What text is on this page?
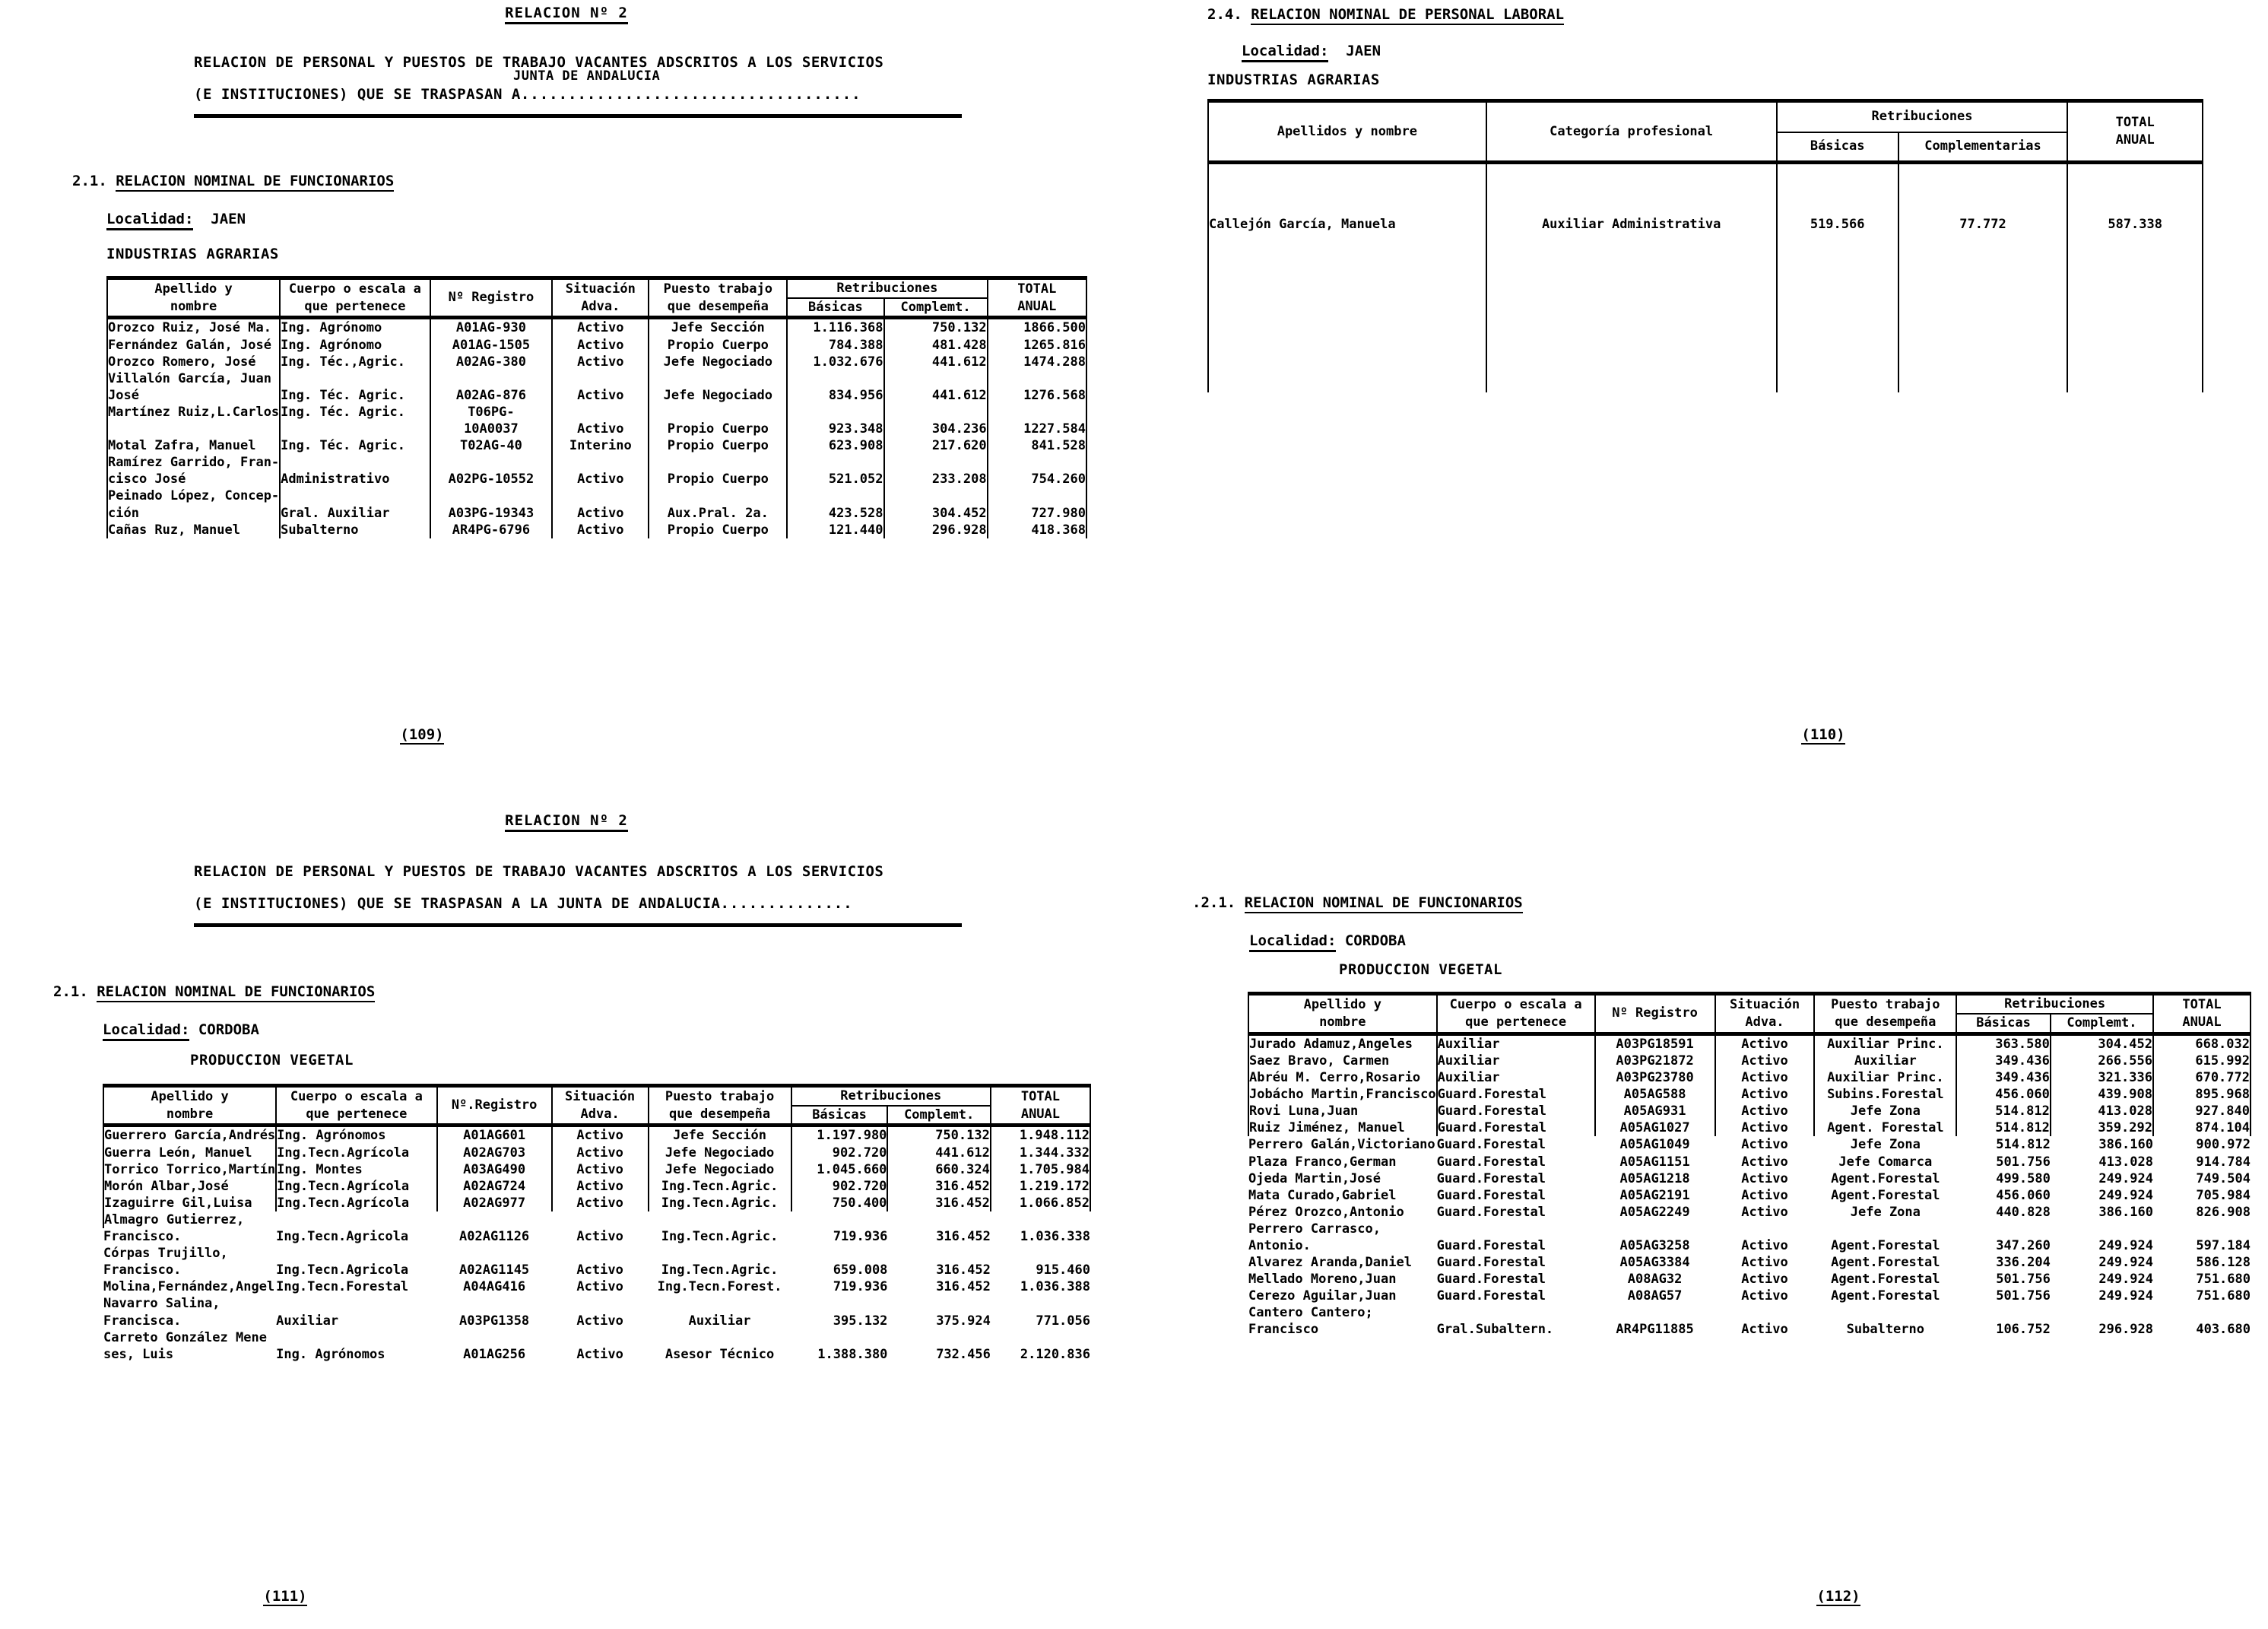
RELACION Nº 2
RELACION DE PERSONAL Y PUESTOS DE TRABAJO VACANTES ADSCRITOS A LOS SERVICIOS
(E INSTITUCIONES) QUE SE TRASPASAN A....................................
JUNTA DE ANDALUCIA
2.1. RELACION NOMINAL DE FUNCIONARIOS
Localidad: JAEN
INDUSTRIAS AGRARIAS
Apellido y
nombre	Cuerpo o escala a
que pertenece	Nº Registro	Situación
Adva.	Puesto trabajo
que desempeña	Retribuciones		TOTAL
ANUAL
					Básicas	Complemt.	

Orozco Ruiz, José Ma.	Ing. Agrónomo	A01AG-930	Activo	Jefe Sección	1.116.368	750.132	1866.500
Fernández Galán, José	Ing. Agrónomo	A01AG-1505	Activo	Propio Cuerpo	784.388	481.428	1265.816
Orozco Romero, José	Ing. Téc.,Agric.	A02AG-380	Activo	Jefe Negociado	1.032.676	441.612	1474.288
Villalón García, Juan							
José	Ing. Téc. Agric.	A02AG-876	Activo	Jefe Negociado	834.956	441.612	1276.568
Martínez Ruiz,L.Carlos	Ing. Téc. Agric.	T06PG-					
		10A0037	Activo	Propio Cuerpo	923.348	304.236	1227.584
Motal Zafra, Manuel	Ing. Téc. Agric.	T02AG-40	Interino	Propio Cuerpo	623.908	217.620	841.528
Ramírez Garrido, Fran-							
cisco José	Administrativo	A02PG-10552	Activo	Propio Cuerpo	521.052	233.208	754.260
Peinado López, Concep-							
ción	Gral. Auxiliar	A03PG-19343	Activo	Aux.Pral. 2a.	423.528	304.452	727.980
Cañas Ruz, Manuel	Subalterno	AR4PG-6796	Activo	Propio Cuerpo	121.440	296.928	418.368
(109)
2.4. RELACION NOMINAL DE PERSONAL LABORAL
Localidad: JAEN
INDUSTRIAS AGRARIAS
Apellidos y nombre	Categoría profesional	Retribuciones		TOTAL
ANUAL
		Básicas	Complementarias	

Callejón García, Manuela	Auxiliar Administrativa	519.566	77.772	587.338

(110)
RELACION Nº 2
RELACION DE PERSONAL Y PUESTOS DE TRABAJO VACANTES ADSCRITOS A LOS SERVICIOS
(E INSTITUCIONES) QUE SE TRASPASAN A LA JUNTA DE ANDALUCIA..............
2.1. RELACION NOMINAL DE FUNCIONARIOS
Localidad: CORDOBA
PRODUCCION VEGETAL
Apellido y
nombre	Cuerpo o escala a
que pertenece	Nº.Registro	Situación
Adva.	Puesto trabajo
que desempeña	Retribuciones		TOTAL
ANUAL
					Básicas	Complemt.	

Guerrero García,Andrés	Ing. Agrónomos	A01AG601	Activo	Jefe Sección	1.197.980	750.132	1.948.112
Guerra León, Manuel	Ing.Tecn.Agrícola	A02AG703	Activo	Jefe Negociado	902.720	441.612	1.344.332
Torrico Torrico,Martín	Ing. Montes	A03AG490	Activo	Jefe Negociado	1.045.660	660.324	1.705.984
Morón Albar,José	Ing.Tecn.Agrícola	A02AG724	Activo	Ing.Tecn.Agric.	902.720	316.452	1.219.172
Izaguirre Gil,Luisa	Ing.Tecn.Agrícola	A02AG977	Activo	Ing.Tecn.Agric.	750.400	316.452	1.066.852
Almagro Gutierrez,							
Francisco.	Ing.Tecn.Agricola	A02AG1126	Activo	Ing.Tecn.Agric.	719.936	316.452	1.036.338
Córpas Trujillo,							
Francisco.	Ing.Tecn.Agricola	A02AG1145	Activo	Ing.Tecn.Agric.	659.008	316.452	915.460
Molina,Fernández,Angel	Ing.Tecn.Forestal	A04AG416	Activo	Ing.Tecn.Forest.	719.936	316.452	1.036.388
Navarro Salina,							
Francisca.	Auxiliar	A03PG1358	Activo	Auxiliar	395.132	375.924	771.056
Carreto González Mene							
ses, Luis	Ing. Agrónomos	A01AG256	Activo	Asesor Técnico	1.388.380	732.456	2.120.836
(111)
.2.1. RELACION NOMINAL DE FUNCIONARIOS
Localidad: CORDOBA
PRODUCCION VEGETAL
Apellido y
nombre	Cuerpo o escala a
que pertenece	Nº Registro	Situación
Adva.	Puesto trabajo
que desempeña	Retribuciones		TOTAL
ANUAL
					Básicas	Complemt.	

Jurado Adamuz,Angeles	Auxiliar	A03PG18591	Activo	Auxiliar Princ.	363.580	304.452	668.032
Saez Bravo, Carmen	Auxiliar	A03PG21872	Activo	Auxiliar	349.436	266.556	615.992
Abréu M. Cerro,Rosario	Auxiliar	A03PG23780	Activo	Auxiliar Princ.	349.436	321.336	670.772
Jobácho Martin,Francisco	Guard.Forestal	A05AG588	Activo	Subins.Forestal	456.060	439.908	895.968
Rovi Luna,Juan	Guard.Forestal	A05AG931	Activo	Jefe Zona	514.812	413.028	927.840
Ruiz Jiménez, Manuel	Guard.Forestal	A05AG1027	Activo	Agent. Forestal	514.812	359.292	874.104
Perrero Galán,Victoriano	Guard.Forestal	A05AG1049	Activo	Jefe Zona	514.812	386.160	900.972
Plaza Franco,German	Guard.Forestal	A05AG1151	Activo	Jefe Comarca	501.756	413.028	914.784
Ojeda Martin,José	Guard.Forestal	A05AG1218	Activo	Agent.Forestal	499.580	249.924	749.504
Mata Curado,Gabriel	Guard.Forestal	A05AG2191	Activo	Agent.Forestal	456.060	249.924	705.984
Pérez Orozco,Antonio	Guard.Forestal	A05AG2249	Activo	Jefe Zona	440.828	386.160	826.908
Perrero Carrasco,							
Antonio.	Guard.Forestal	A05AG3258	Activo	Agent.Forestal	347.260	249.924	597.184
Alvarez Aranda,Daniel	Guard.Forestal	A05AG3384	Activo	Agent.Forestal	336.204	249.924	586.128
Mellado Moreno,Juan	Guard.Forestal	A08AG32	Activo	Agent.Forestal	501.756	249.924	751.680
Cerezo Aguilar,Juan	Guard.Forestal	A08AG57	Activo	Agent.Forestal	501.756	249.924	751.680
Cantero Cantero;							
Francisco	Gral.Subaltern.	AR4PG11885	Activo	Subalterno	106.752	296.928	403.680
(112)
